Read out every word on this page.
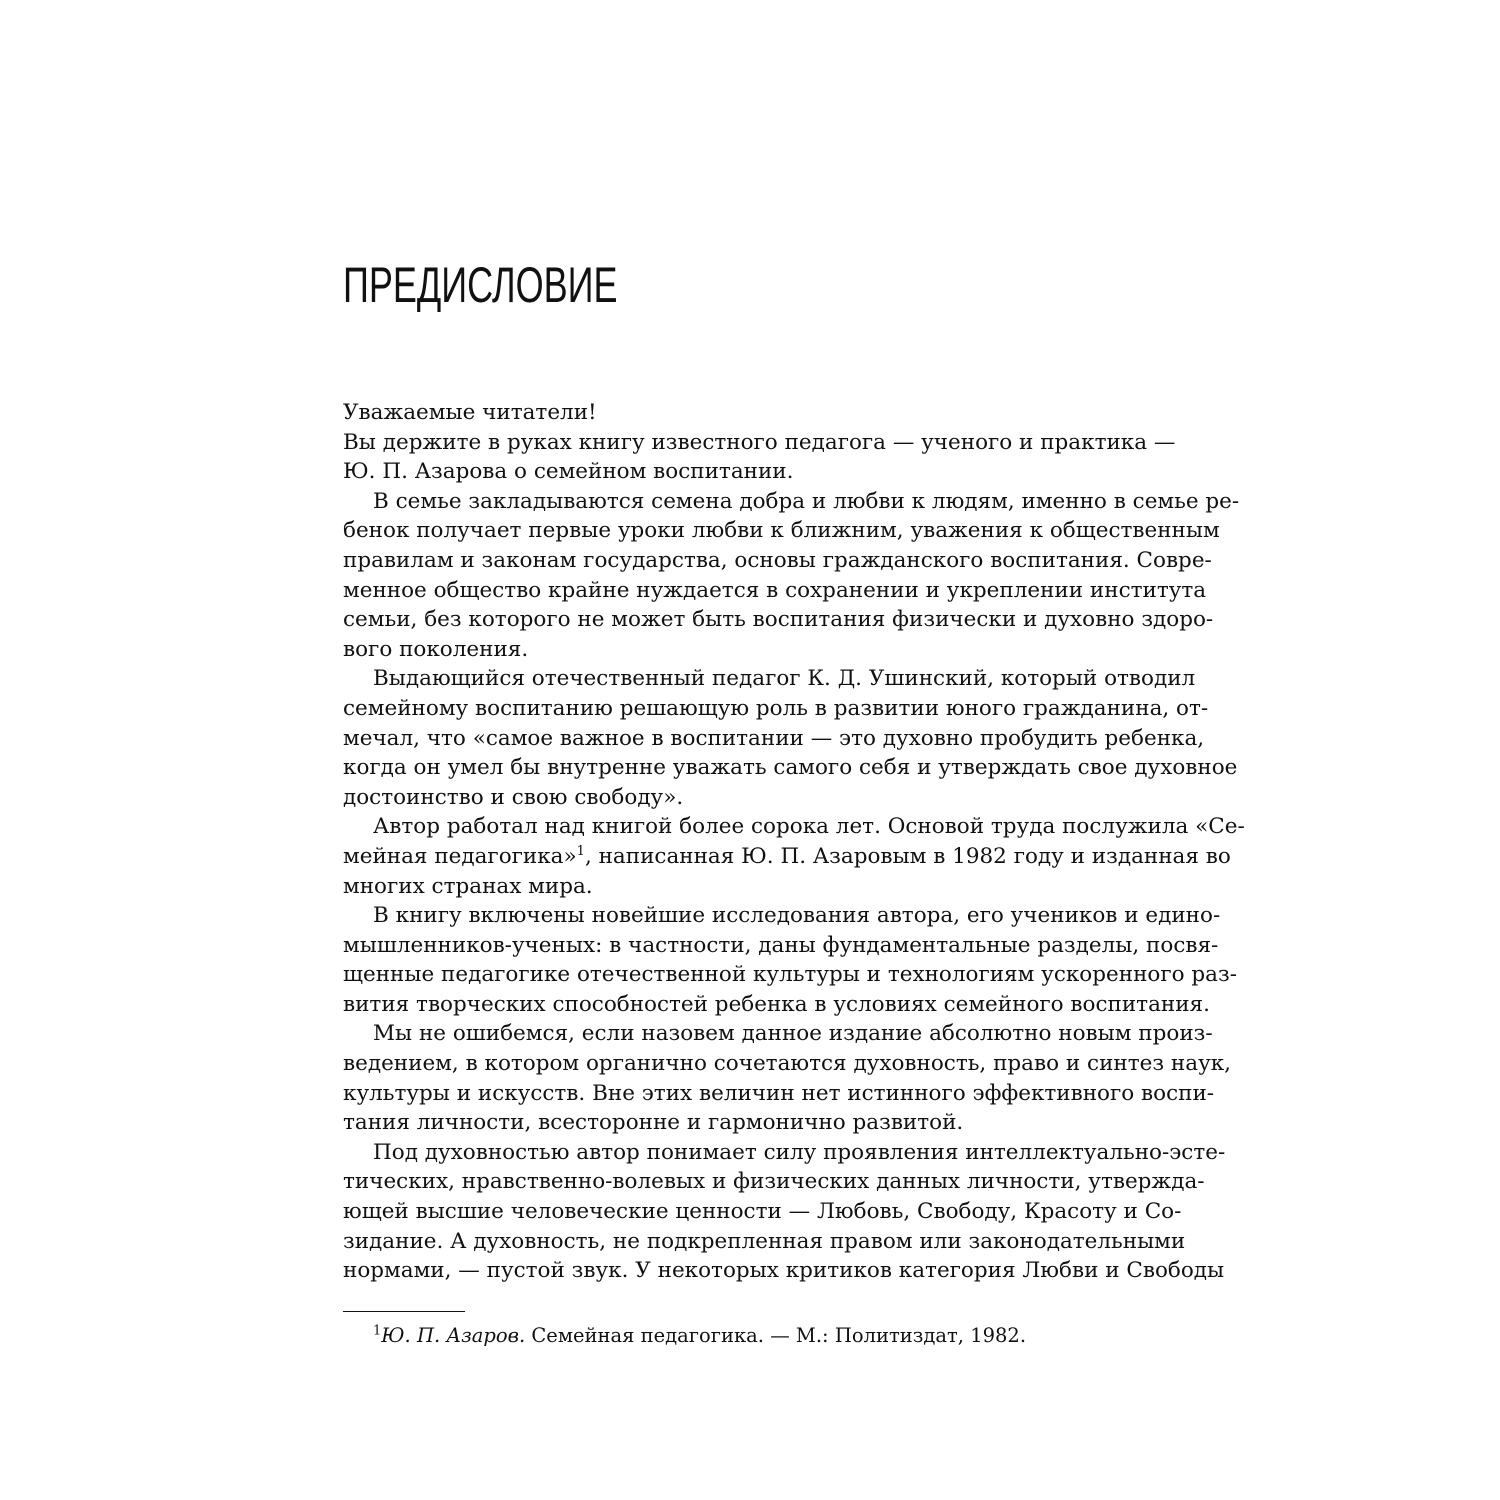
ПРЕДИСЛОВИЕ
Уважаемые читатели!
Вы держите в руках книгу известного педагога — ученого и практика —
Ю. П. Азарова о семейном воспитании.
В семье закладываются семена добра и любви к людям, именно в семье ре-
бенок получает первые уроки любви к ближним, уважения к общественным
правилам и законам государства, основы гражданского воспитания. Совре-
менное общество крайне нуждается в сохранении и укреплении института
семьи, без которого не может быть воспитания физически и духовно здоро-
вого поколения.
Выдающийся отечественный педагог К. Д. Ушинский, который отводил
семейному воспитанию решающую роль в развитии юного гражданина, от-
мечал, что «самое важное в воспитании — это духовно пробудить ребенка,
когда он умел бы внутренне уважать самого себя и утверждать свое духовное
достоинство и свою свободу».
Автор работал над книгой более сорока лет. Основой труда послужила «Се-
мейная педагогика»$^1$, написанная Ю. П. Азаровым в 1982 году и изданная во
многих странах мира.
В книгу включены новейшие исследования автора, его учеников и едино-
мышленников-ученых: в частности, даны фундаментальные разделы, посвя-
щенные педагогике отечественной культуры и технологиям ускоренного раз-
вития творческих способностей ребенка в условиях семейного воспитания.
Мы не ошибемся, если назовем данное издание абсолютно новым произ-
ведением, в котором органично сочетаются духовность, право и синтез наук,
культуры и искусств. Вне этих величин нет истинного эффективного воспи-
тания личности, всесторонне и гармонично развитой.
Под духовностью автор понимает силу проявления интеллектуально-эсте-
тических, нравственно-волевых и физических данных личности, утвержда-
ющей высшие человеческие ценности — Любовь, Свободу, Красоту и Со-
зидание. А духовность, не подкрепленная правом или законодательными
нормами, — пустой звук. У некоторых критиков категория Любви и Свободы
$^1$Ю. П. Азаров. Семейная педагогика. — М.: Политиздат, 1982.
